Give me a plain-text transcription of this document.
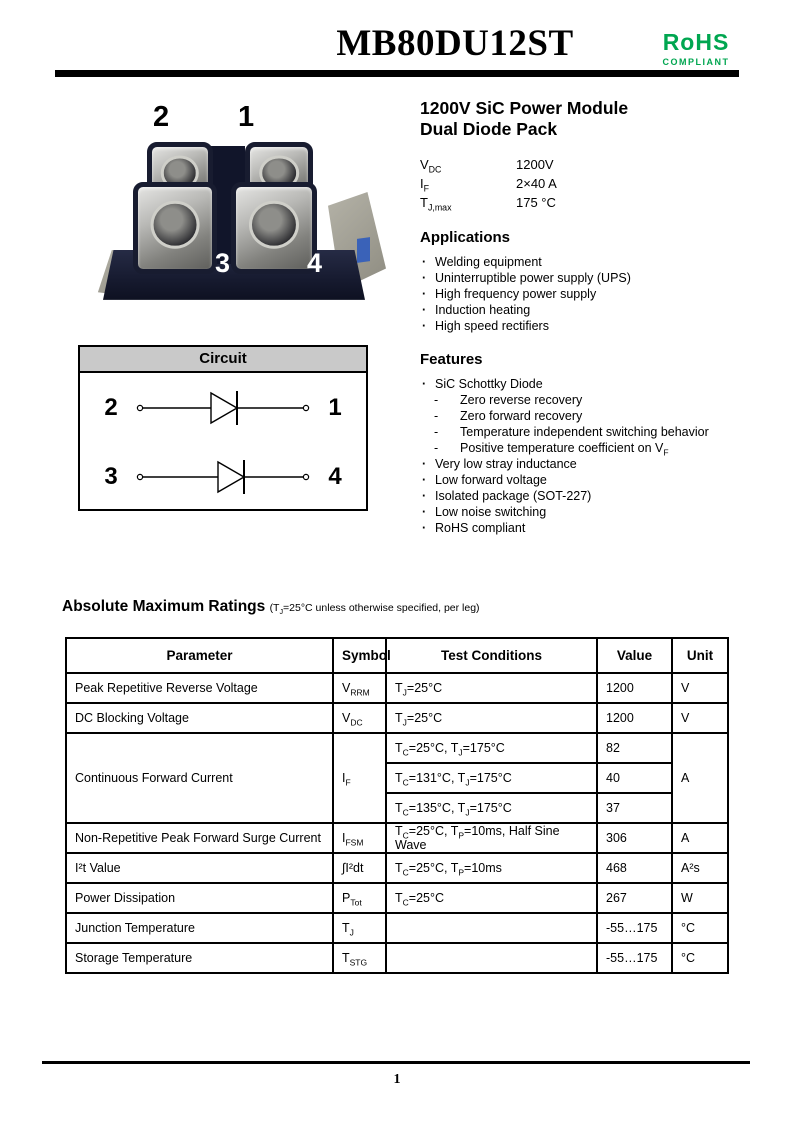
MB80DU12ST	RoHS
COMPLIANT
2 1
3	4
1200V SiC Power Module
Dual Diode Pack
$V_{DC}$	1200V
$I_F$	2×40 A
$T_{J,max}$	175 °C
Applications
· Welding equipment
· Uninterruptible power supply (UPS)
· High frequency power supply
· Induction heating
· High speed rectifiers
Features
· SiC Schottky Diode
-	Zero reverse recovery
-	Zero forward recovery
-	Temperature independent switching behavior
-	Positive temperature coefficient on $V_F$
· Very low stray inductance
· Low forward voltage
· Isolated package (SOT-227)
· Low noise switching
· RoHS compliant
Circuit
2	1
3	4
Absolute Maximum Ratings ($T_J=25^\circ C$ unless otherwise specified, per leg)
Parameter	Symbol	Test Conditions	Value	Unit
Peak Repetitive Reverse Voltage	$V_{RRM}$	$T_J=25^\circ C$	1200	V
DC Blocking Voltage	$V_{DC}$	$T_J=25^\circ C$	1200	V
Continuous Forward Current	$I_F$	$T_C=25^\circ C$, $T_J=175^\circ C$	82	A
		$T_C=131^\circ C$, $T_J=175^\circ C$	40	
		$T_C=135^\circ C$, $T_J=175^\circ C$	37	
Non-Repetitive Peak Forward Surge Current	$I_{FSM}$	$T_C=25^\circ C$, $T_P=10ms$, Half Sine Wave	306	A
I²t Value	∫I²dt	$T_C=25^\circ C$, $T_P=10ms$	468	A²s
Power Dissipation	$P_{Tot}$	$T_C=25^\circ C$	267	W
Junction Temperature	$T_J$		-55…175	°C
Storage Temperature	$T_{STG}$		-55…175	°C
1
